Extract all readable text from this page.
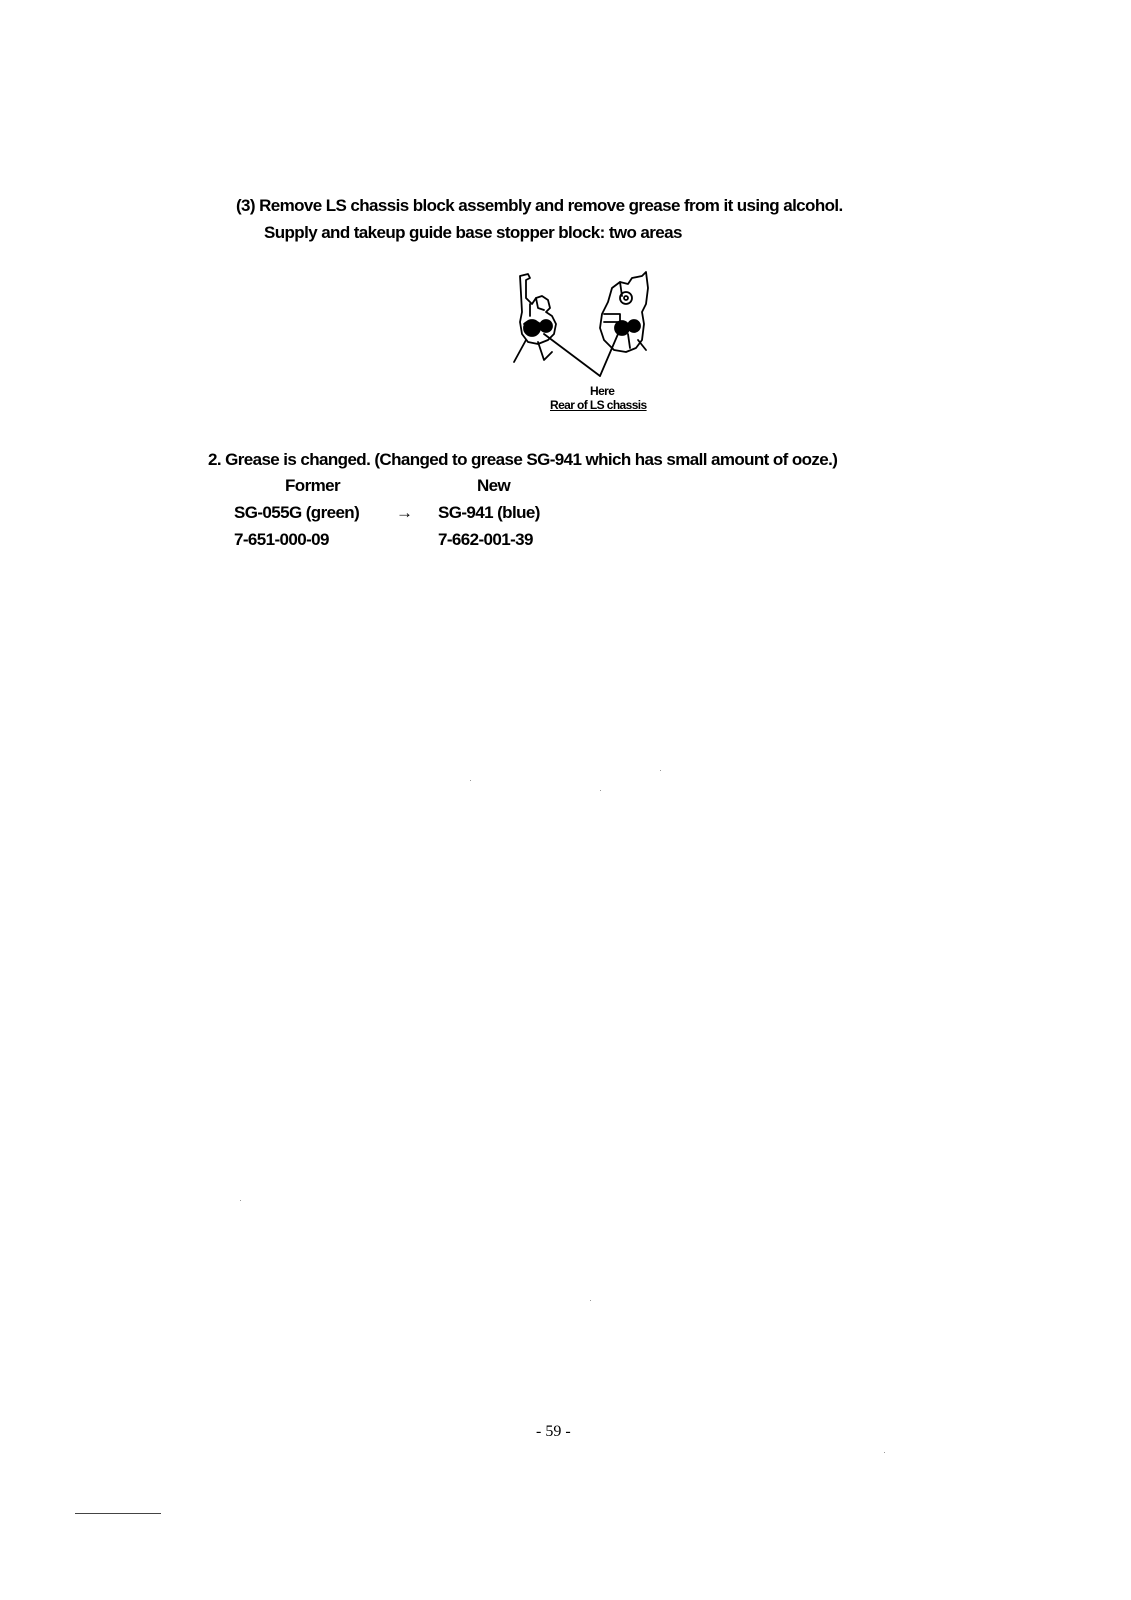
(3) Remove LS chassis block assembly and remove grease from it using alcohol.
Supply and takeup guide base stopper block: two areas
Here
Rear of LS chassis
2. Grease is changed. (Changed to grease SG-941 which has small amount of ooze.)
Former	New
SG-055G (green) → SG-941 (blue)
7-651-000-09	7-662-001-39
- 59 -
